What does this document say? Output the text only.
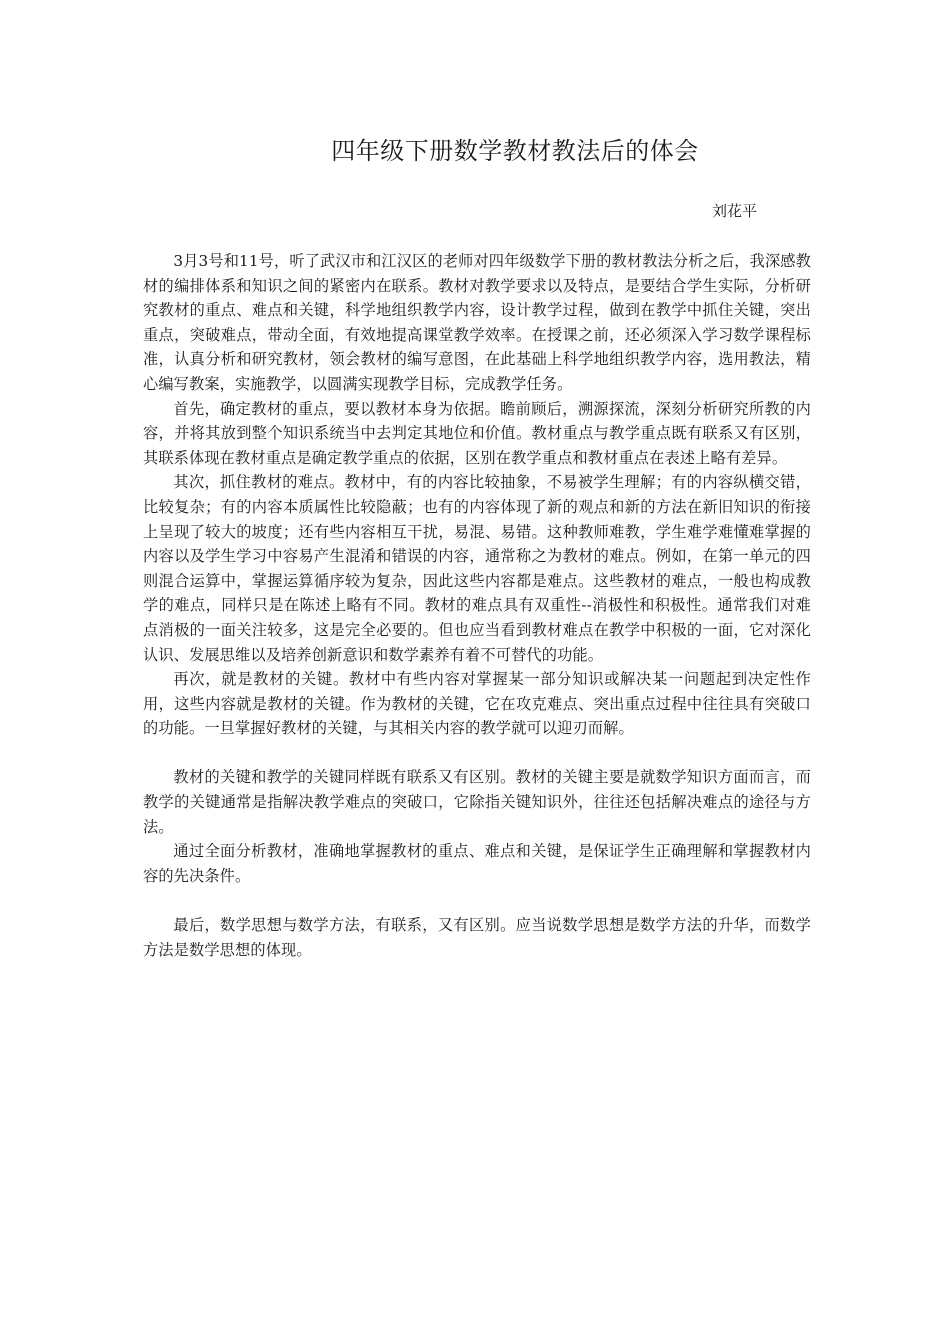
四年级下册数学教材教法后的体会

刘花平

3月3号和11号，听了武汉市和江汉区的老师对四年级数学下册的教材教法分析之后，我深感教材的编排体系和知识之间的紧密内在联系。教材对教学要求以及特点，是要结合学生实际，分析研究教材的重点、难点和关键，科学地组织教学内容，设计教学过程，做到在教学中抓住关键，突出重点，突破难点，带动全面，有效地提高课堂教学效率。在授课之前，还必须深入学习数学课程标准，认真分析和研究教材，领会教材的编写意图，在此基础上科学地组织教学内容，选用教法，精心编写教案，实施教学，以圆满实现教学目标，完成教学任务。

首先，确定教材的重点，要以教材本身为依据。瞻前顾后，溯源探流，深刻分析研究所教的内容，并将其放到整个知识系统当中去判定其地位和价值。教材重点与教学重点既有联系又有区别，其联系体现在教材重点是确定教学重点的依据，区别在教学重点和教材重点在表述上略有差异。

其次，抓住教材的难点。教材中，有的内容比较抽象，不易被学生理解；有的内容纵横交错，比较复杂；有的内容本质属性比较隐蔽；也有的内容体现了新的观点和新的方法在新旧知识的衔接上呈现了较大的坡度；还有些内容相互干扰，易混、易错。这种教师难教，学生难学难懂难掌握的内容以及学生学习中容易产生混淆和错误的内容，通常称之为教材的难点。例如，在第一单元的四则混合运算中，掌握运算循序较为复杂，因此这些内容都是难点。这些教材的难点，一般也构成教学的难点，同样只是在陈述上略有不同。教材的难点具有双重性--消极性和积极性。通常我们对难点消极的一面关注较多，这是完全必要的。但也应当看到教材难点在教学中积极的一面，它对深化认识、发展思维以及培养创新意识和数学素养有着不可替代的功能。

再次，就是教材的关键。教材中有些内容对掌握某一部分知识或解决某一问题起到决定性作用，这些内容就是教材的关键。作为教材的关键，它在攻克难点、突出重点过程中往往具有突破口的功能。一旦掌握好教材的关键，与其相关内容的教学就可以迎刃而解。

教材的关键和教学的关键同样既有联系又有区别。教材的关键主要是就数学知识方面而言，而教学的关键通常是指解决教学难点的突破口，它除指关键知识外，往往还包括解决难点的途径与方法。

通过全面分析教材，准确地掌握教材的重点、难点和关键，是保证学生正确理解和掌握教材内容的先决条件。

最后，数学思想与数学方法，有联系，又有区别。应当说数学思想是数学方法的升华，而数学方法是数学思想的体现。
